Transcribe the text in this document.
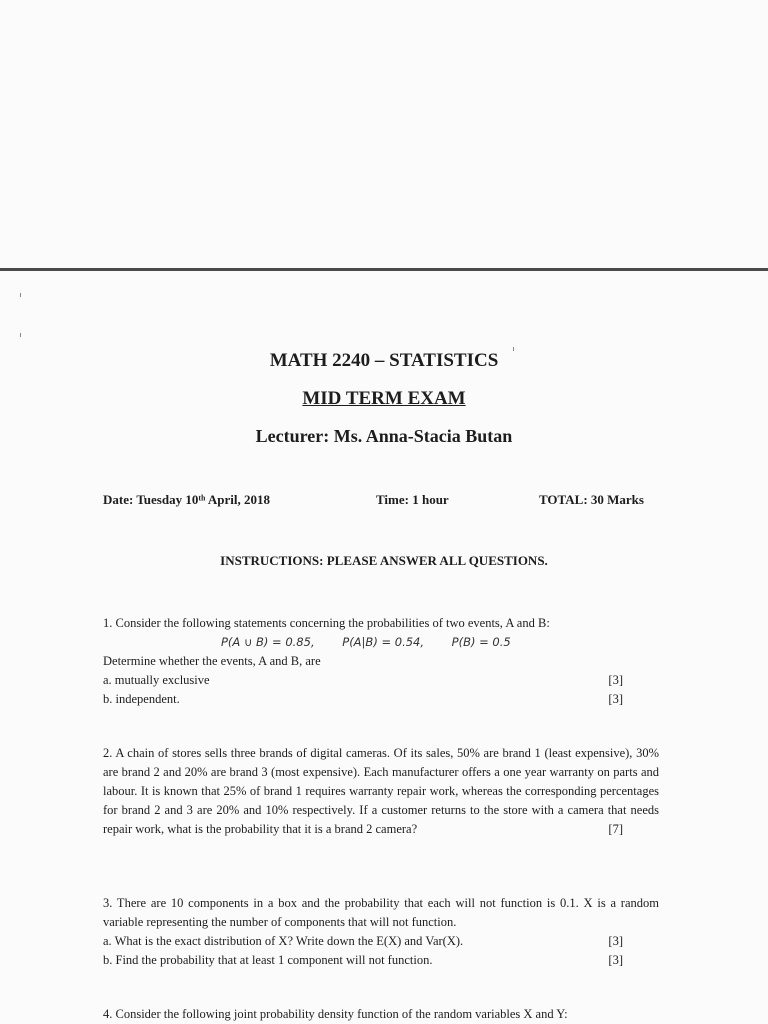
MATH 2240 – STATISTICS
MID TERM EXAM
Lecturer: Ms. Anna-Stacia Butan
Date: Tuesday 10ᵗʰ April, 2018	Time: 1 hour	TOTAL: 30 Marks
INSTRUCTIONS: PLEASE ANSWER ALL QUESTIONS.

1. Consider the following statements concerning the probabilities of two events, A and B:

P(A ∪ B) = 0.85, P(A|B) = 0.54, P(B) = 0.5

Determine whether the events, A and B, are

a. mutually exclusive	[3]

b. independent.	[3]

2. A chain of stores sells three brands of digital cameras. Of its sales, 50% are brand 1 (least expensive), 30% are brand 2 and 20% are brand 3 (most expensive). Each manufacturer offers a one year warranty on parts and labour. It is known that 25% of brand 1 requires warranty repair work, whereas the corresponding percentages for brand 2 and 3 are 20% and 10% respectively. If a customer returns to the store with a camera that needs repair work, what is the probability that it is a brand 2 camera?	[7]

3. There are 10 components in a box and the probability that each will not function is 0.1. X is a random variable representing the number of components that will not function.

a. What is the exact distribution of X? Write down the E(X) and Var(X).	[3]

b. Find the probability that at least 1 component will not function.	[3]

4. Consider the following joint probability density function of the random variables X and Y:
